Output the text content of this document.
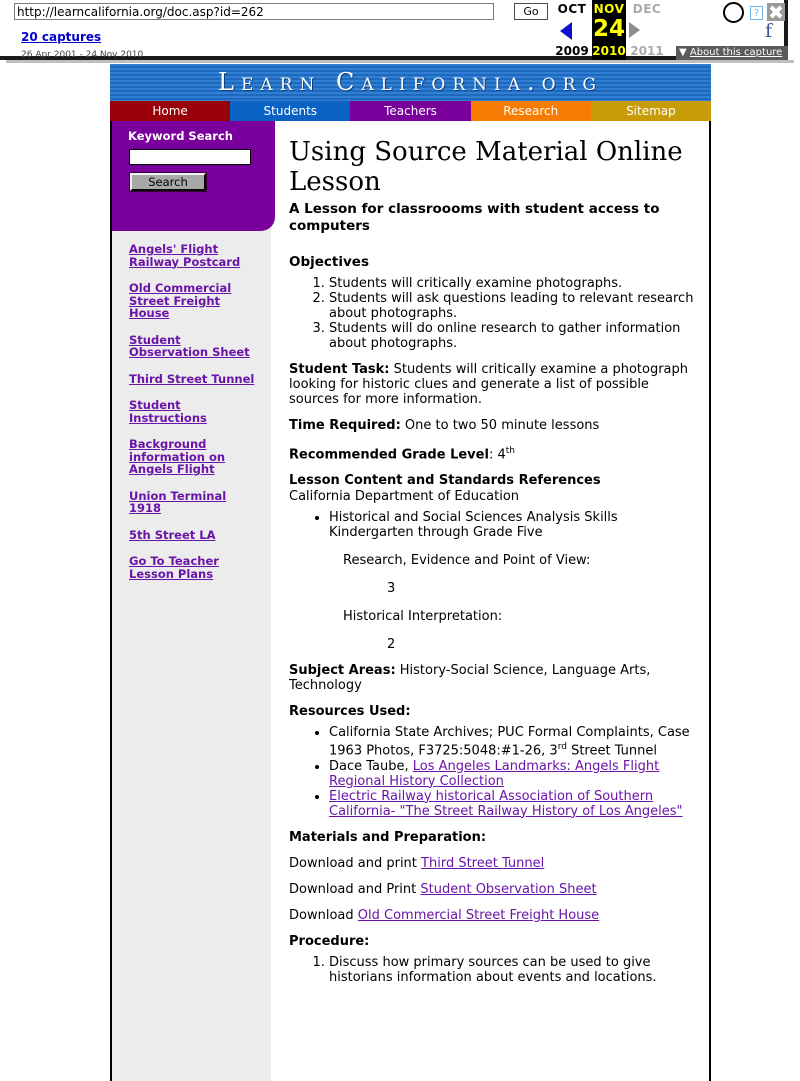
http://learncalifornia.org/doc.asp?id=262
Go
20 captures
26 Apr 2001 - 24 Nov 2010
OCT
2009
NOV
24
2010
DEC
2011
?
f
▼ About this capture
Learn California.org
Home	Students	Teachers	Research	Sitemap
Keyword Search
Search
Angels' Flight Railway Postcard
Old Commercial Street Freight House
Student Observation Sheet
Third Street Tunnel
Student Instructions
Background information on Angels Flight
Union Terminal 1918
5th Street LA
Go To Teacher Lesson Plans
Using Source Material Online Lesson
A Lesson for classroooms with student access to computers
Objectives
1. Students will critically examine photographs.
2. Students will ask questions leading to relevant research about photographs.
3. Students will do online research to gather information about photographs.

Student Task: Students will critically examine a photograph looking for historic clues and generate a list of possible sources for more information.

Time Required: One to two 50 minute lessons

Recommended Grade Level: 4th

Lesson Content and Standards References

California Department of Education

• Historical and Social Sciences Analysis Skills Kindergarten through Grade Five
Research, Evidence and Point of View:
3
Historical Interpretation:
2

Subject Areas: History-Social Science, Language Arts, Technology

Resources Used:

• California State Archives; PUC Formal Complaints, Case 1963 Photos, F3725:5048:#1-26, 3rd Street Tunnel
• Dace Taube, Los Angeles Landmarks: Angels Flight Regional History Collection
• Electric Railway historical Association of Southern California- "The Street Railway History of Los Angeles"

Materials and Preparation:

Download and print Third Street Tunnel

Download and Print Student Observation Sheet

Download Old Commercial Street Freight House

Procedure:

1. Discuss how primary sources can be used to give historians information about events and locations.
